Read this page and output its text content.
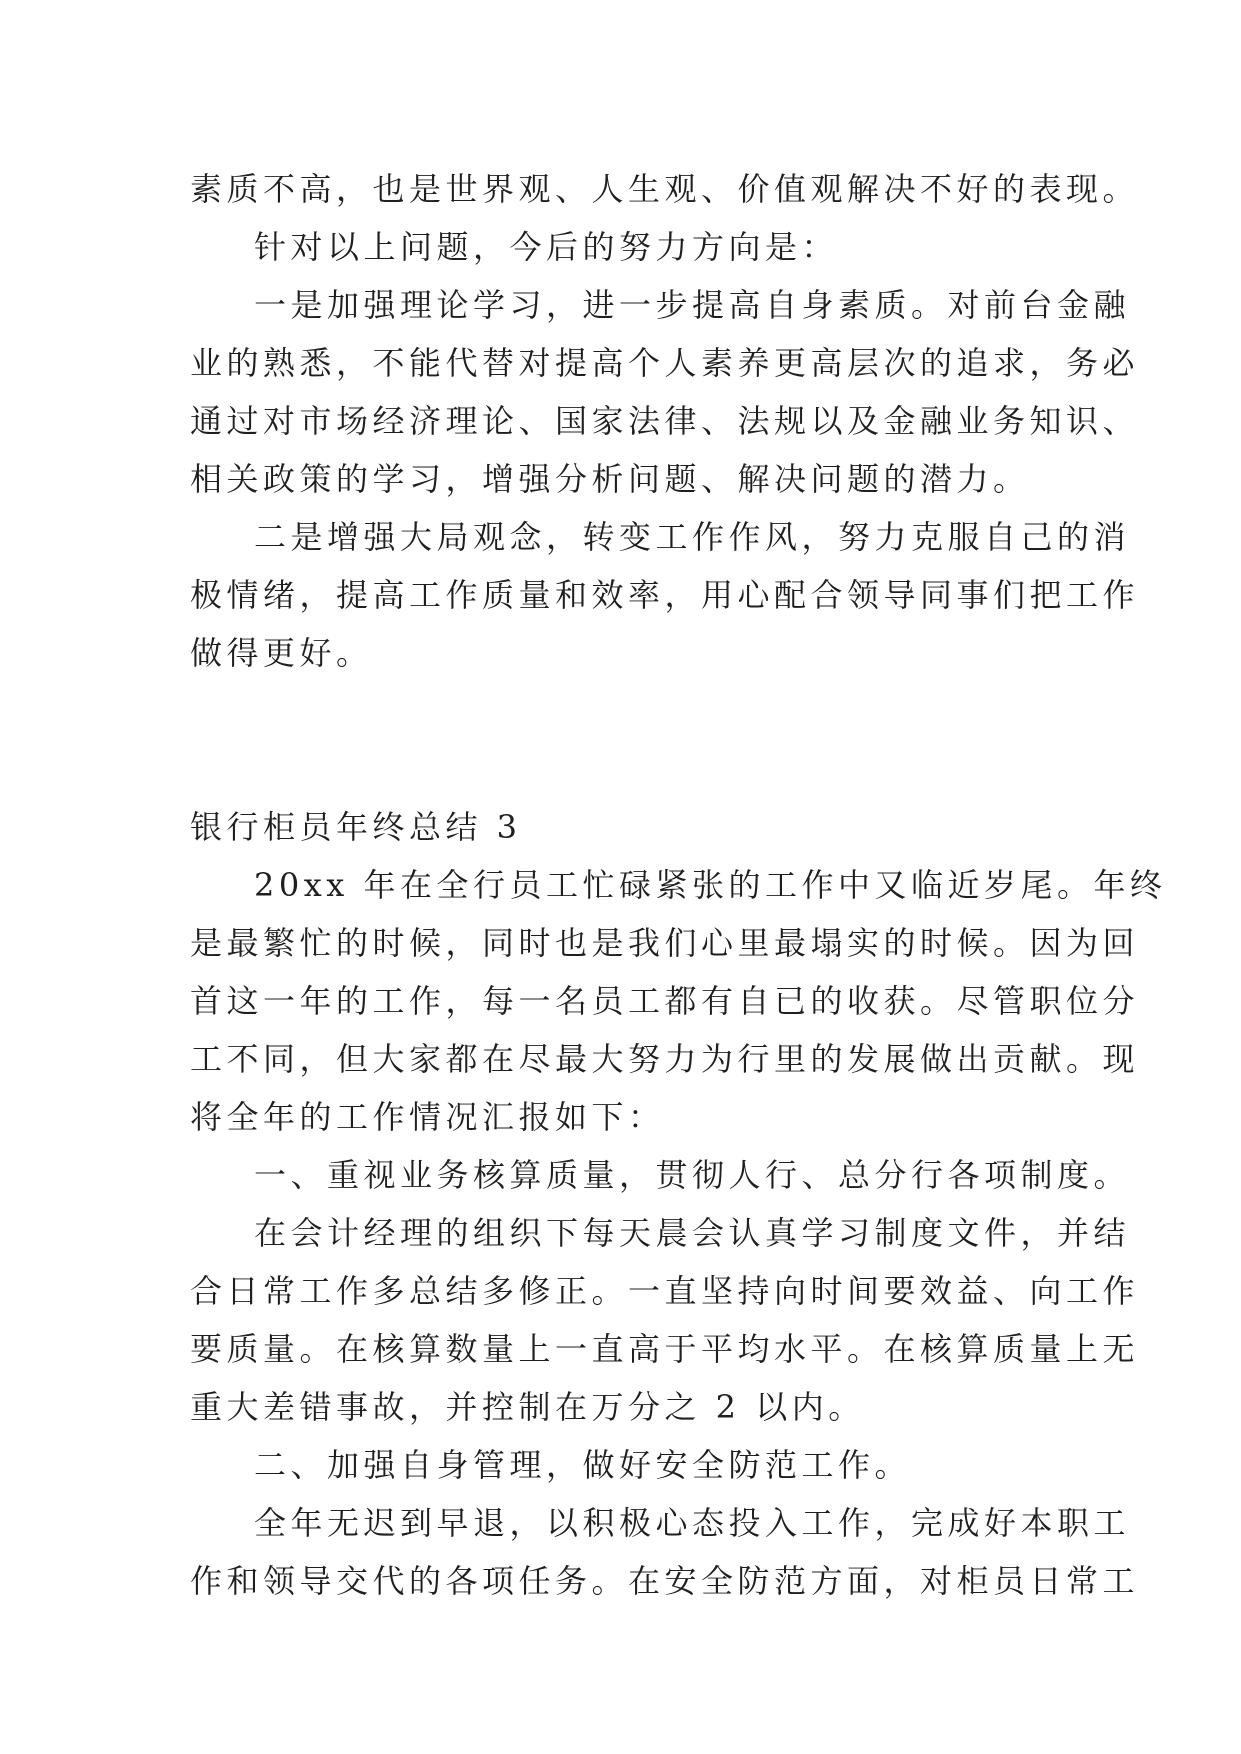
素质不高，也是世界观、人生观、价值观解决不好的表现。

针对以上问题，今后的努力方向是：

一是加强理论学习，进一步提高自身素质。对前台金融

业的熟悉，不能代替对提高个人素养更高层次的追求，务必

通过对市场经济理论、国家法律、法规以及金融业务知识、

相关政策的学习，增强分析问题、解决问题的潜力。

二是增强大局观念，转变工作作风，努力克服自己的消

极情绪，提高工作质量和效率，用心配合领导同事们把工作

做得更好。

银行柜员年终总结 3

20xx 年在全行员工忙碌紧张的工作中又临近岁尾。年终

是最繁忙的时候，同时也是我们心里最塌实的时候。因为回

首这一年的工作，每一名员工都有自已的收获。尽管职位分

工不同，但大家都在尽最大努力为行里的发展做出贡献。现

将全年的工作情况汇报如下：

一、重视业务核算质量，贯彻人行、总分行各项制度。

在会计经理的组织下每天晨会认真学习制度文件，并结

合日常工作多总结多修正。一直坚持向时间要效益、向工作

要质量。在核算数量上一直高于平均水平。在核算质量上无

重大差错事故，并控制在万分之 2 以内。

二、加强自身管理，做好安全防范工作。

全年无迟到早退，以积极心态投入工作，完成好本职工

作和领导交代的各项任务。在安全防范方面，对柜员日常工
